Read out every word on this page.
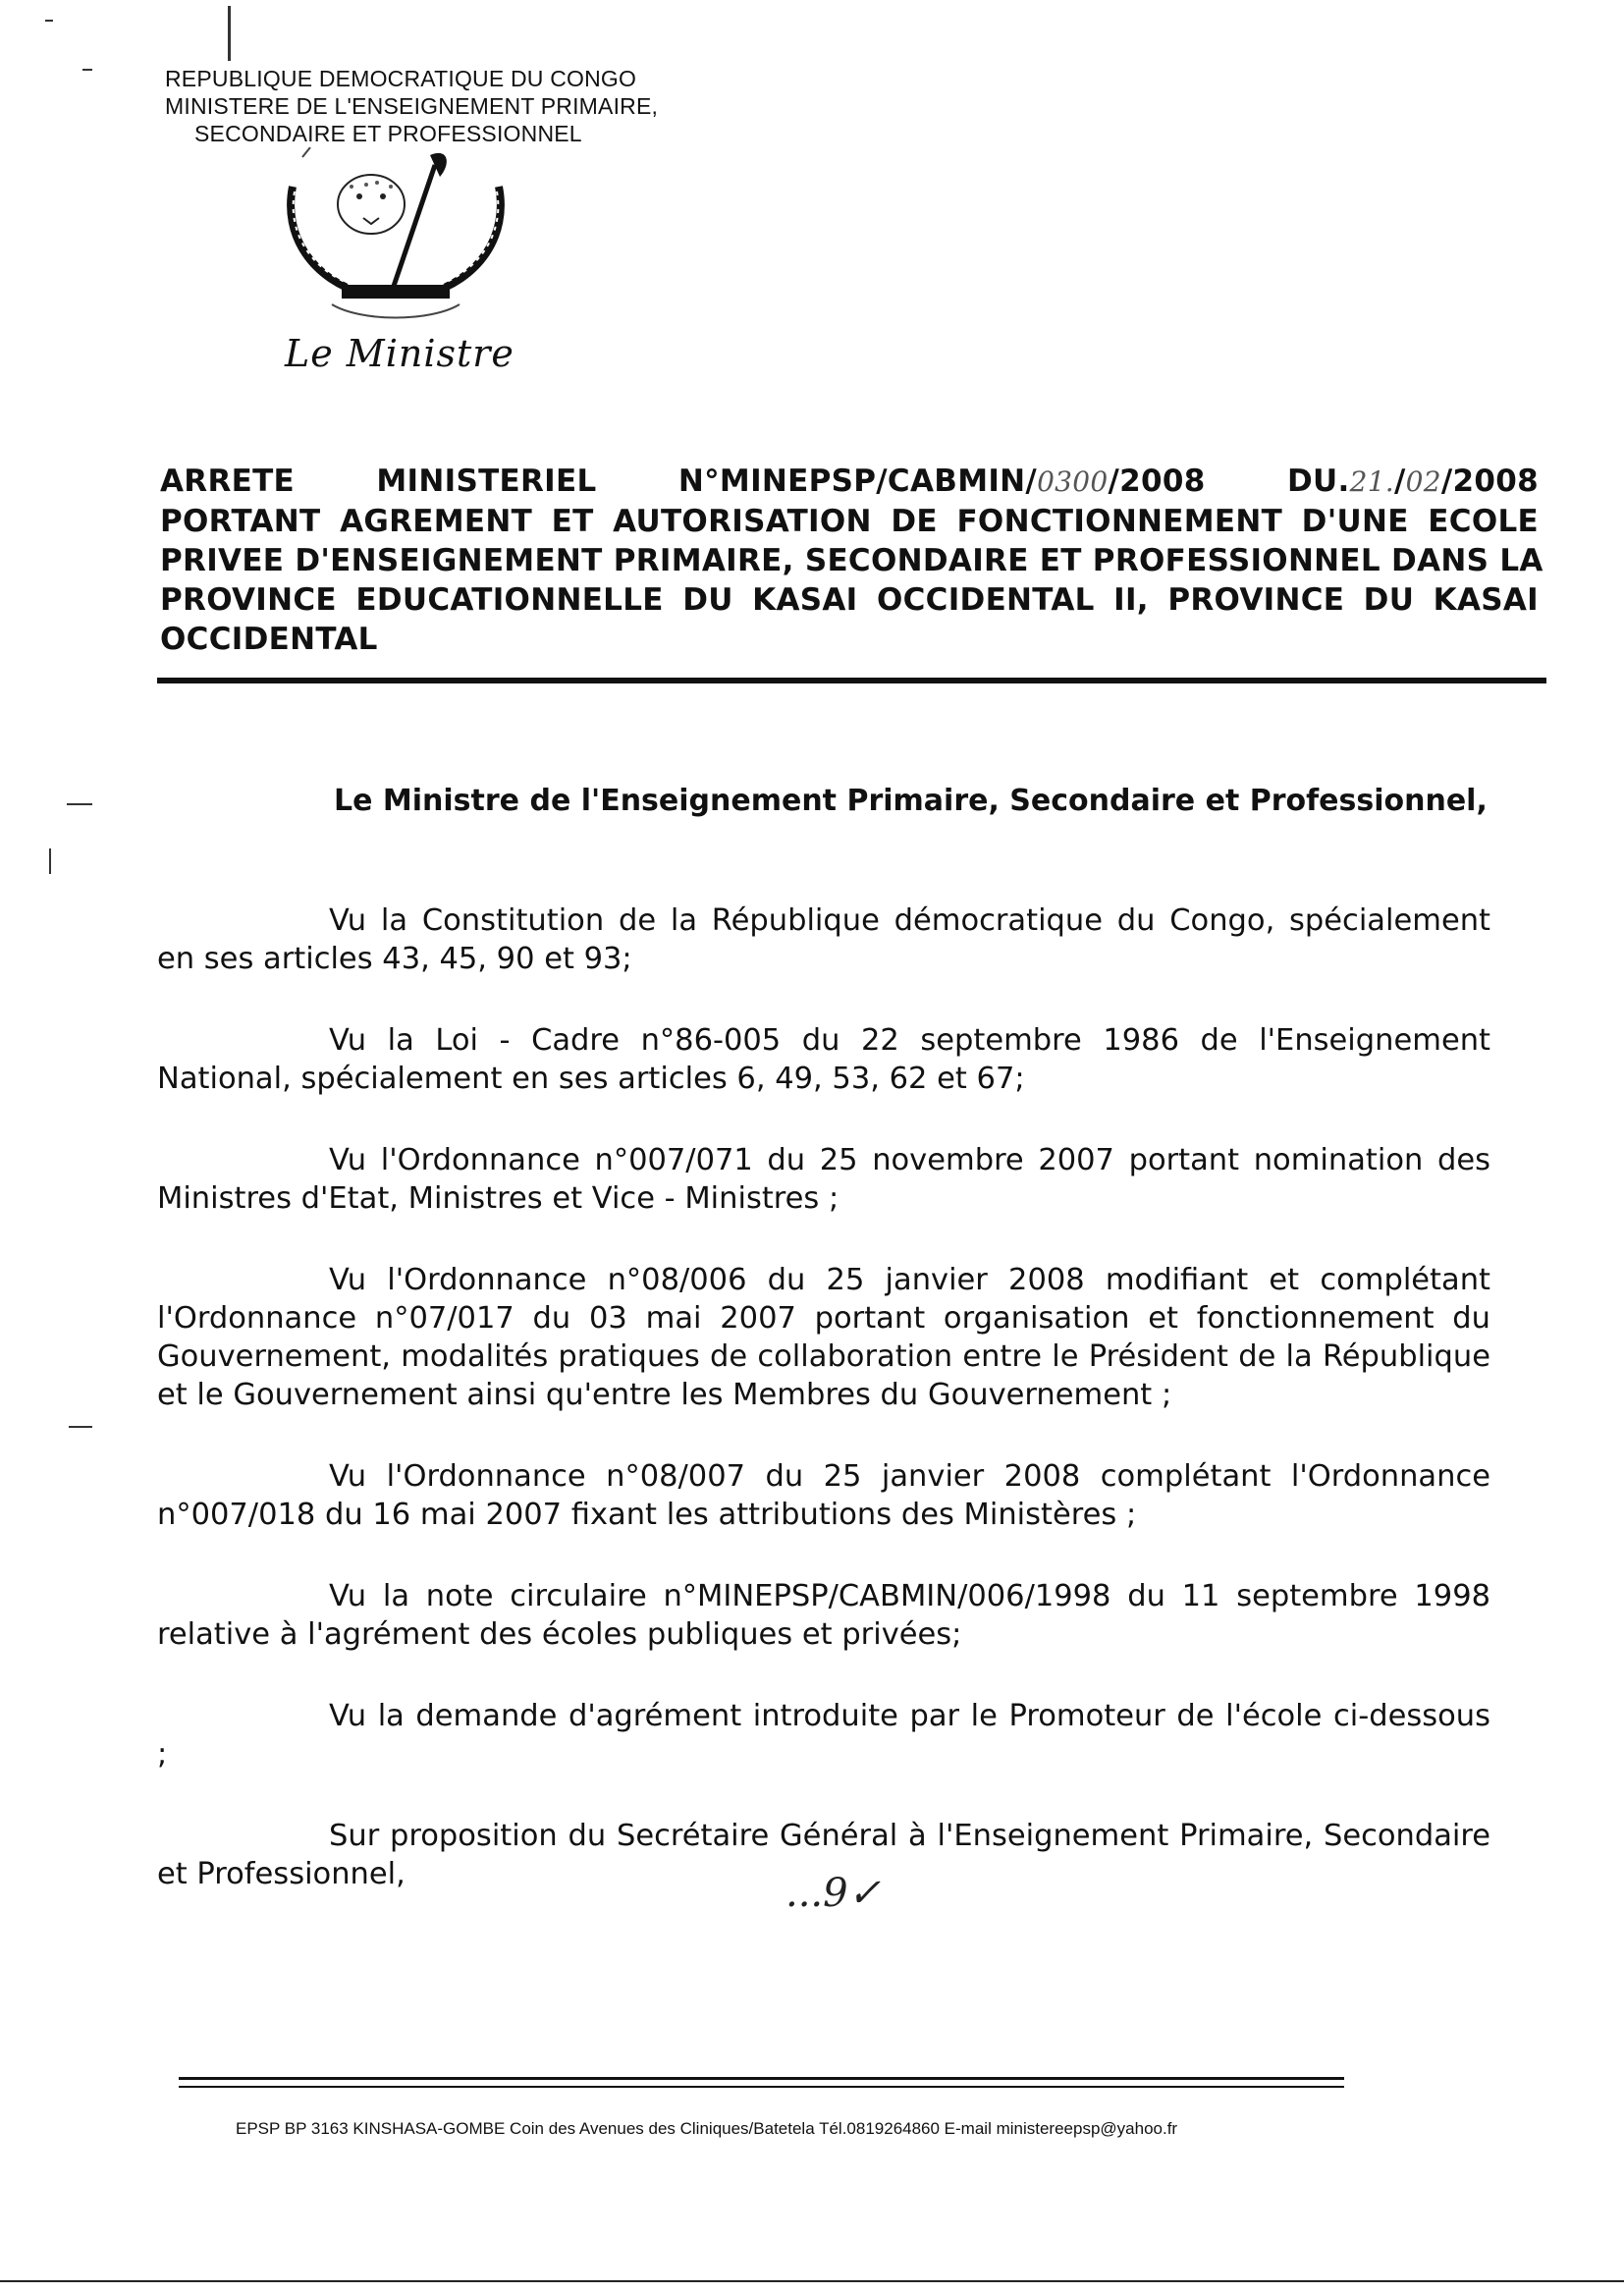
REPUBLIQUE DEMOCRATIQUE DU CONGO
MINISTERE DE L'ENSEIGNEMENT PRIMAIRE,
SECONDAIRE ET PROFESSIONNEL
Le Ministre
ARRETE	MINISTERIEL	N°MINEPSP/CABMIN/0300/2008	DU.21./02/2008
PORTANT AGREMENT ET AUTORISATION DE FONCTIONNEMENT D'UNE ECOLE
PRIVEE D'ENSEIGNEMENT PRIMAIRE, SECONDAIRE ET PROFESSIONNEL DANS LA
PROVINCE EDUCATIONNELLE DU KASAI OCCIDENTAL II, PROVINCE DU KASAI
OCCIDENTAL
Le Ministre de l'Enseignement Primaire, Secondaire et Professionnel,

Vu la Constitution de la République démocratique du Congo, spécialement en ses articles 43, 45, 90 et 93;

Vu la Loi - Cadre n°86-005 du 22 septembre 1986 de l'Enseignement National, spécialement en ses articles 6, 49, 53, 62 et 67;

Vu l'Ordonnance n°007/071 du 25 novembre 2007 portant nomination des Ministres d'Etat, Ministres et Vice - Ministres ;

Vu l'Ordonnance n°08/006 du 25 janvier 2008 modifiant et complétant l'Ordonnance n°07/017 du 03 mai 2007 portant organisation et fonctionnement du Gouvernement, modalités pratiques de collaboration entre le Président de la République et le Gouvernement ainsi qu'entre les Membres du Gouvernement ;

Vu l'Ordonnance n°08/007 du 25 janvier 2008 complétant l'Ordonnance n°007/018 du 16 mai 2007 fixant les attributions des Ministères ;

Vu la note circulaire n°MINEPSP/CABMIN/006/1998 du 11 septembre 1998 relative à l'agrément des écoles publiques et privées;

Vu la demande d'agrément introduite par le Promoteur de l'école ci-dessous ;

Sur proposition du Secrétaire Général à l'Enseignement Primaire, Secondaire et Professionnel,	...9✓
EPSP BP 3163 KINSHASA-GOMBE Coin des Avenues des Cliniques/Batetela Tél.0819264860 E-mail ministereepsp@yahoo.fr
